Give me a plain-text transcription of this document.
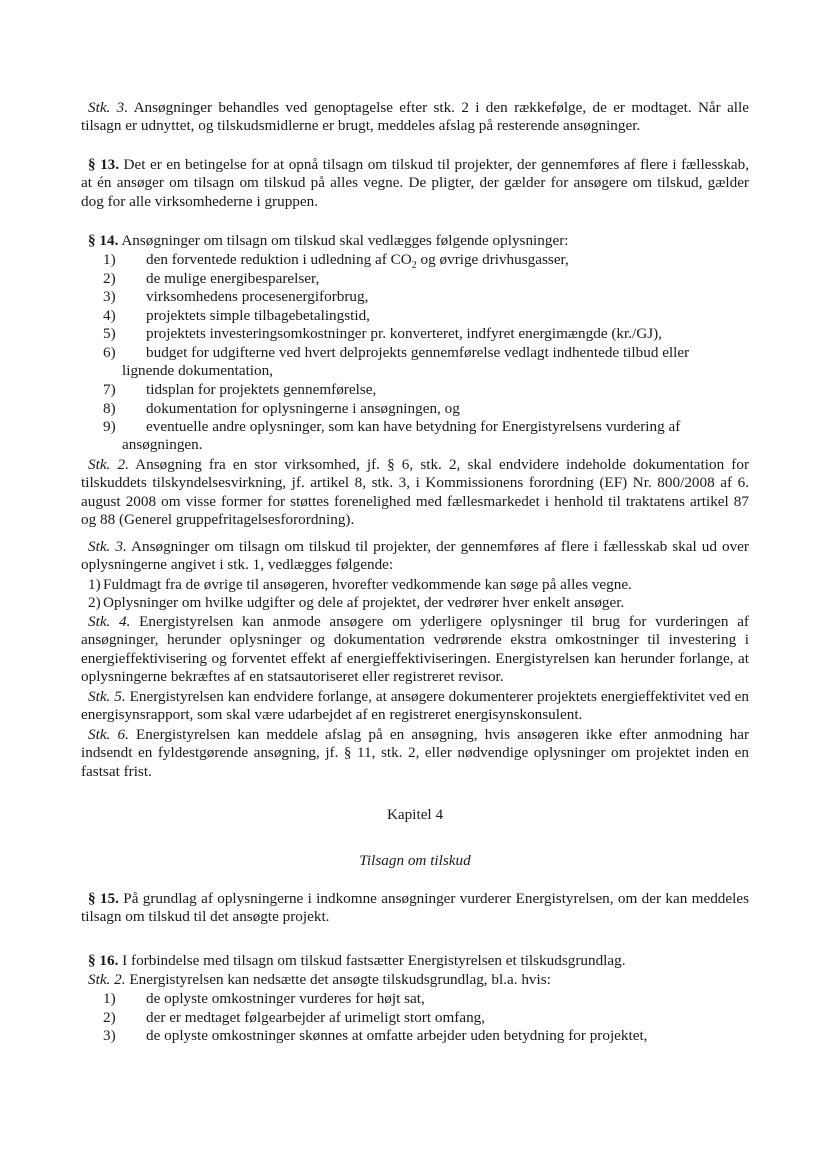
Stk. 3. Ansøgninger behandles ved genoptagelse efter stk. 2 i den rækkefølge, de er modtaget. Når alle tilsagn er udnyttet, og tilskudsmidlerne er brugt, meddeles afslag på resterende ansøgninger.

§ 13. Det er en betingelse for at opnå tilsagn om tilskud til projekter, der gennemføres af flere i fællesskab, at én ansøger om tilsagn om tilskud på alles vegne. De pligter, der gælder for ansøgere om tilskud, gælder dog for alle virksomhederne i gruppen.

§ 14. Ansøgninger om tilsagn om tilskud skal vedlægges følgende oplysninger:

1)	den forventede reduktion i udledning af $CO_2$ og øvrige drivhusgasser,
2)	de mulige energibesparelser,
3)	virksomhedens procesenergiforbrug,
4)	projektets simple tilbagebetalingstid,
5)	projektets investeringsomkostninger pr. konverteret, indfyret energimængde (kr./GJ),
6)	budget for udgifterne ved hvert delprojekts gennemførelse vedlagt indhentede tilbud eller
lignende dokumentation,
7)	tidsplan for projektets gennemførelse,
8)	dokumentation for oplysningerne i ansøgningen, og
9)	eventuelle andre oplysninger, som kan have betydning for Energistyrelsens vurdering af
ansøgningen.

Stk. 2. Ansøgning fra en stor virksomhed, jf. § 6, stk. 2, skal endvidere indeholde dokumentation for tilskuddets tilskyndelsesvirkning, jf. artikel 8, stk. 3, i Kommissionens forordning (EF) Nr. 800/2008 af 6. august 2008 om visse former for støttes forenelighed med fællesmarkedet i henhold til traktatens artikel 87 og 88 (Generel gruppefritagelsesforordning).

Stk. 3. Ansøgninger om tilsagn om tilskud til projekter, der gennemføres af flere i fællesskab skal ud over oplysningerne angivet i stk. 1, vedlægges følgende:

1) Fuldmagt fra de øvrige til ansøgeren, hvorefter vedkommende kan søge på alles vegne.
2) Oplysninger om hvilke udgifter og dele af projektet, der vedrører hver enkelt ansøger.

Stk. 4. Energistyrelsen kan anmode ansøgere om yderligere oplysninger til brug for vurderingen af ansøgninger, herunder oplysninger og dokumentation vedrørende ekstra omkostninger til investering i energieffektivisering og forventet effekt af energieffektiviseringen. Energistyrelsen kan herunder forlange, at oplysningerne bekræftes af en statsautoriseret eller registreret revisor.

Stk. 5. Energistyrelsen kan endvidere forlange, at ansøgere dokumenterer projektets energieffektivitet ved en energisynsrapport, som skal være udarbejdet af en registreret energisynskonsulent.

Stk. 6. Energistyrelsen kan meddele afslag på en ansøgning, hvis ansøgeren ikke efter anmodning har indsendt en fyldestgørende ansøgning, jf. § 11, stk. 2, eller nødvendige oplysninger om projektet inden en fastsat frist.

Kapitel 4

Tilsagn om tilskud

§ 15. På grundlag af oplysningerne i indkomne ansøgninger vurderer Energistyrelsen, om der kan meddeles tilsagn om tilskud til det ansøgte projekt.

§ 16. I forbindelse med tilsagn om tilskud fastsætter Energistyrelsen et tilskudsgrundlag.

Stk. 2. Energistyrelsen kan nedsætte det ansøgte tilskudsgrundlag, bl.a. hvis:

1)	de oplyste omkostninger vurderes for højt sat,
2)	der er medtaget følgearbejder af urimeligt stort omfang,
3)	de oplyste omkostninger skønnes at omfatte arbejder uden betydning for projektet,
